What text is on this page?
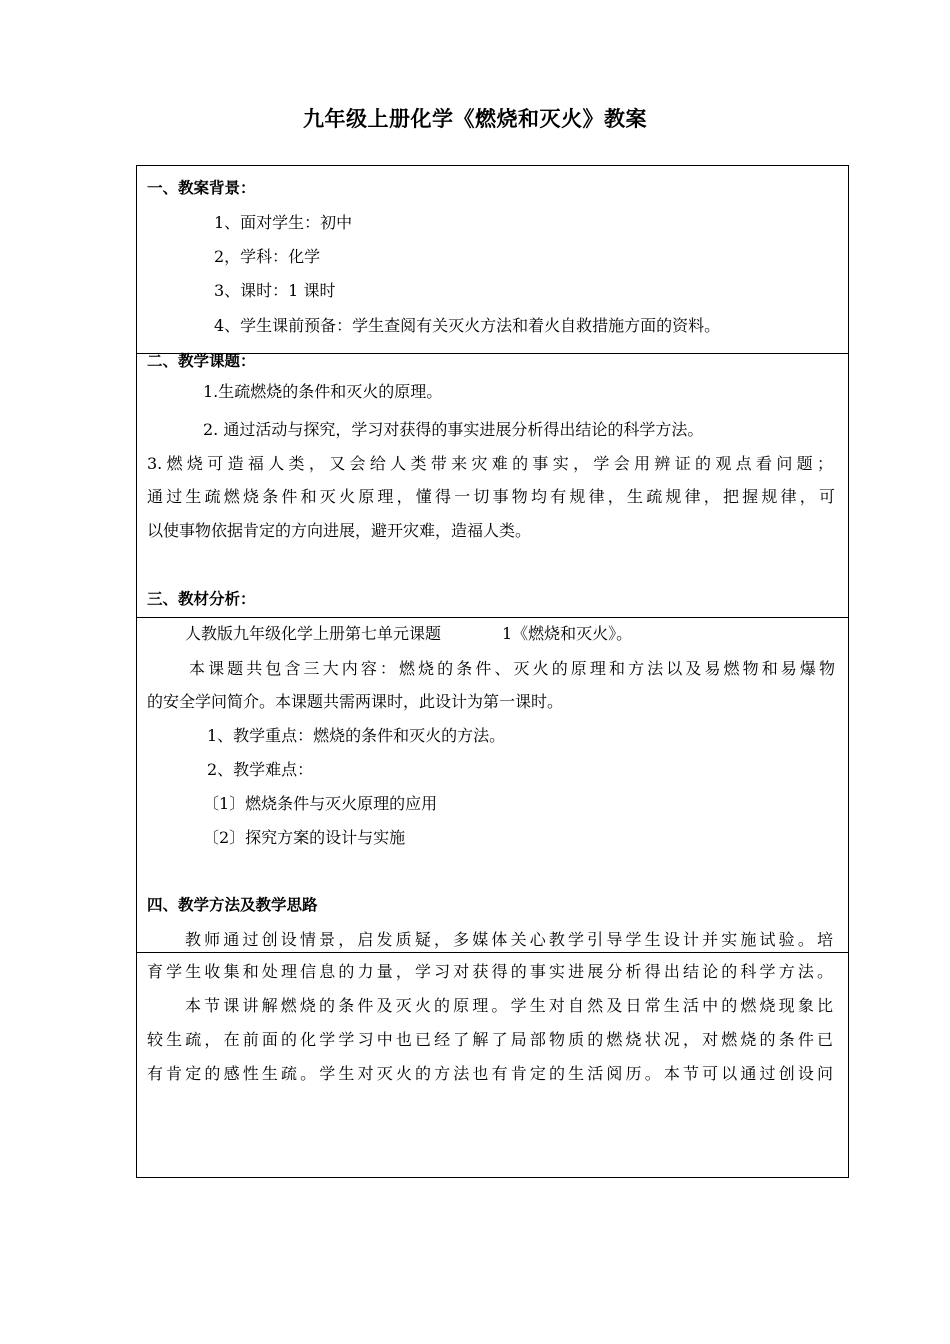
九年级上册化学《燃烧和灭火》教案
一、教案背景：
1、面对学生：初中
2，学科：化学
3、课时：1 课时
4、学生课前预备：学生查阅有关灭火方法和着火自救措施方面的资料。
二、教学课题：
1.生疏燃烧的条件和灭火的原理。
2. 通过活动与探究，学习对获得的事实进展分析得出结论的科学方法。
3.燃烧可造福人类，又会给人类带来灾难的事实，学会用辨证的观点看问题；
通过生疏燃烧条件和灭火原理，懂得一切事物均有规律，生疏规律，把握规律，可
以使事物依据肯定的方向进展，避开灾难，造福人类。
三、教材分析：
人教版九年级化学上册第七单元课题	1《燃烧和灭火》。
本课题共包含三大内容：燃烧的条件、灭火的原理和方法以及易燃物和易爆物
的安全学问简介。本课题共需两课时，此设计为第一课时。
1、教学重点：燃烧的条件和灭火的方法。
2、教学难点：
〔1〕燃烧条件与灭火原理的应用
〔2〕探究方案的设计与实施
四、教学方法及教学思路
教师通过创设情景，启发质疑，多媒体关心教学引导学生设计并实施试验。培
育学生收集和处理信息的力量，学习对获得的事实进展分析得出结论的科学方法。
本节课讲解燃烧的条件及灭火的原理。学生对自然及日常生活中的燃烧现象比
较生疏，在前面的化学学习中也已经了解了局部物质的燃烧状况，对燃烧的条件已
有肯定的感性生疏。学生对灭火的方法也有肯定的生活阅历。本节可以通过创设问
